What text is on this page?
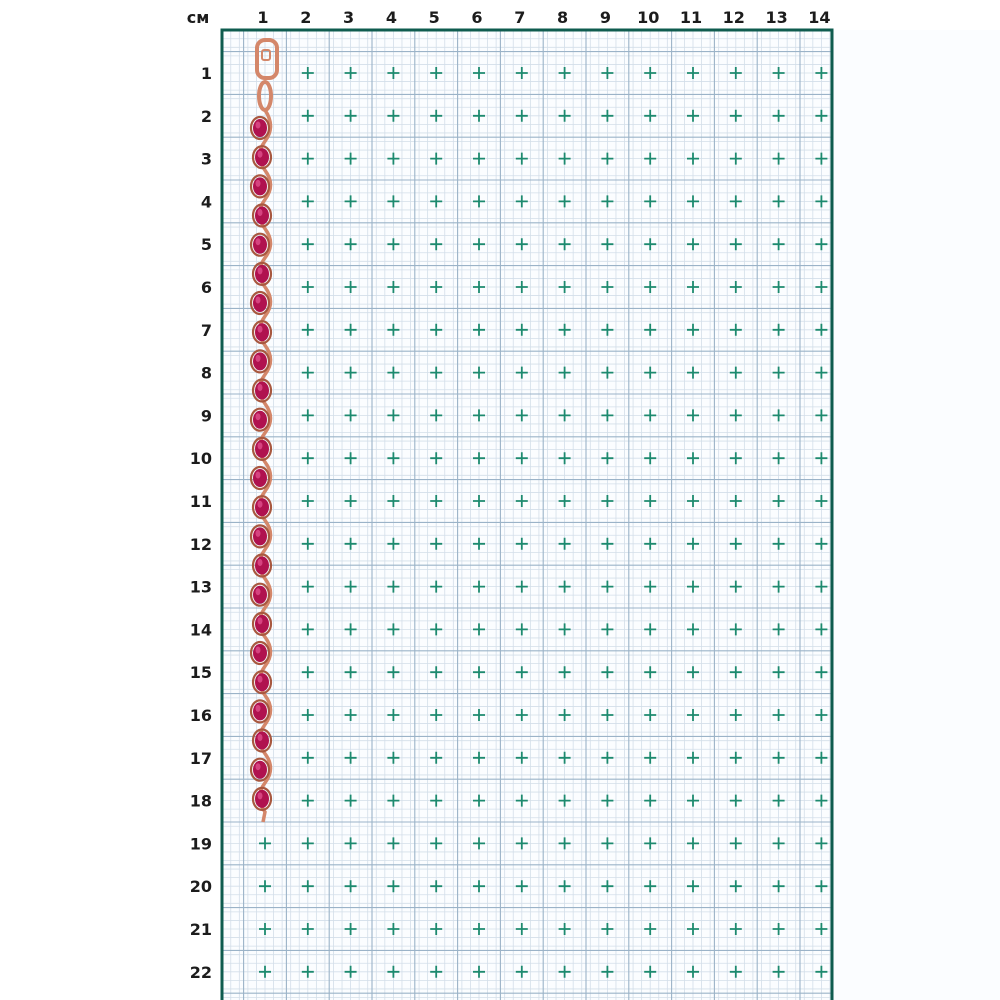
см	1 2 3 4 5 6 7 8 9 10 11 12 13 14
1
2
3
4
5
6
7
8
9
10
11
12
13
14
15
16
17
18
19
20
21
22
